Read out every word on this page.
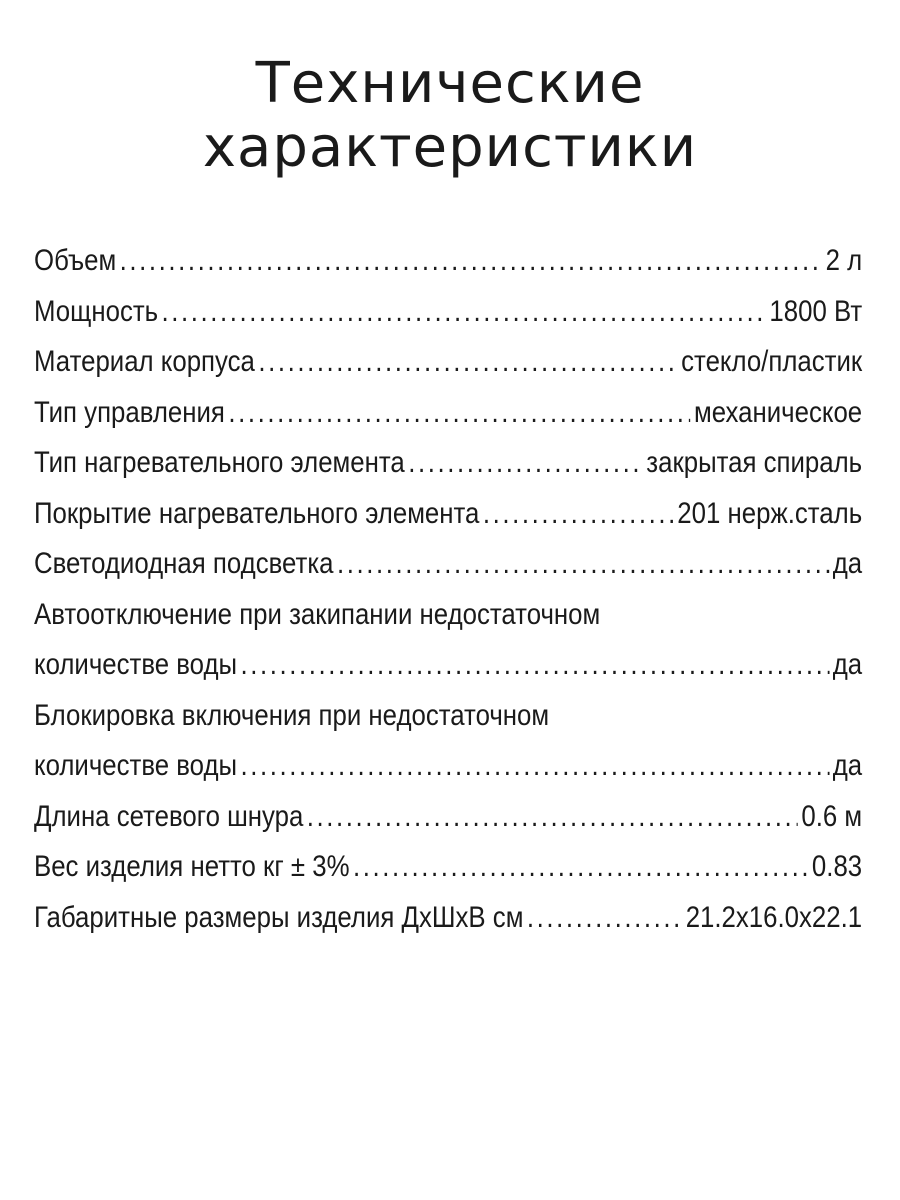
Технические
характеристики
Объем .....	2 л
Мощность .....	1800 Вт
Материал корпуса .....	стекло/пластик
Тип управления .....	механическое
Тип нагревательного элемента .....	закрытая спираль
Покрытие нагревательного элемента .....	201 нерж.сталь
Светодиодная подсветка .....	да
Автоотключение при закипании недостаточном
количестве воды .....	да
Блокировка включения при недостаточном
количестве воды .....	да
Длина сетевого шнура .....	0.6 м
Вес изделия нетто кг ± 3% .....	0.83
Габаритные размеры изделия ДхШхВ см .....	21.2x16.0x22.1
